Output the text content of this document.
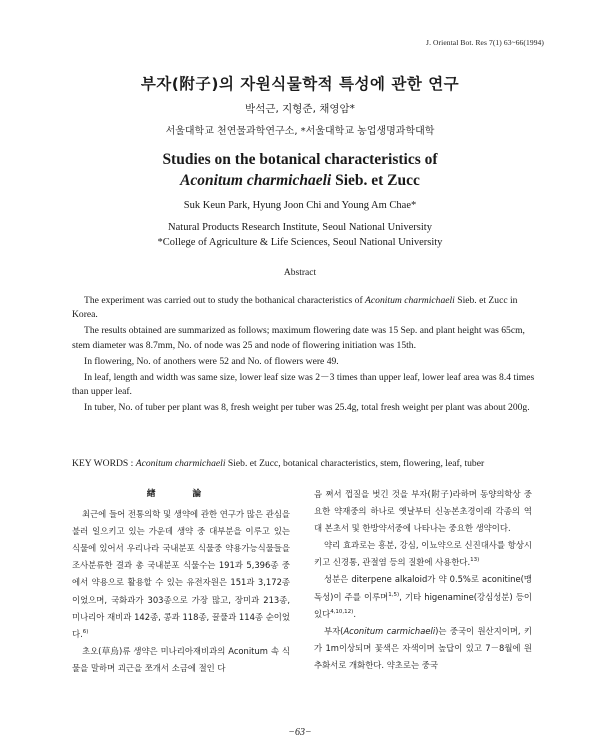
J. Oriental Bot. Res 7(1) 63~66(1994)
부자(附子)의 자원식물학적 특성에 관한 연구
박석근, 지형준, 채영암*
서울대학교 천연물과학연구소, *서울대학교 농업생명과학대학
Studies on the botanical characteristics of
Aconitum charmichaeli Sieb. et Zucc
Suk Keun Park, Hyung Joon Chi and Young Am Chae*
Natural Products Research Institute, Seoul National University
*College of Agriculture & Life Sciences, Seoul National University
Abstract

The experiment was carried out to study the bothanical characteristics of Aconitum charmichaeli Sieb. et Zucc in Korea.

The results obtained are summarized as follows; maximum flowering date was 15 Sep. and plant height was 65cm, stem diameter was 8.7mm, No. of node was 25 and node of flowering initiation was 15th.

In flowering, No. of anothers were 52 and No. of flowers were 49.

In leaf, length and width was same size, lower leaf size was 2－3 times than upper leaf, lower leaf area was 8.4 times than upper leaf.

In tuber, No. of tuber per plant was 8, fresh weight per tuber was 25.4g, total fresh weight per plant was about 200g.

KEY WORDS : Aconitum charmichaeli Sieb. et Zucc, botanical characteristics, stem, flowering, leaf, tuber
緖　論

최근에 들어 전통의학 및 생약에 관한 연구가 많은 관심을 불러 일으키고 있는 가운데 생약 중 대부분을 이루고 있는 식물에 있어서 우리나라 국내분포 식물중 약용가능식물들을 조사분류한 결과 총 국내분포 식물수는 191과 5,396종 중에서 약용으로 활용할 수 있는 유전자원은 151과 3,172종이었으며, 국화과가 303종으로 가장 많고, 장미과 213종, 미나리아 재비과 142종, 콩과 118종, 꿀풀과 114종 순이었다.$^{6)}$

초오(草烏)류 생약은 미나리아재비과의 Aconitum 속 식물을 말하며 괴근을 쪼개서 소금에 절인 다

음 쪄서 껍질을 벗긴 것을 부자(附子)라하며 동양의학상 중요한 약재중의 하나로 옛날부터 신농본초경이래 각종의 역대 본초서 및 한방약서중에 나타나는 중요한 생약이다.

약리 효과로는 흥분, 강심, 이뇨약으로 신진대사를 항상시키고 신경통, 관절염 등의 질환에 사용한다.$^{13)}$

성분은 diterpene alkaloid가 약 0.5%로 aconitine(맹독성)이 주를 이루며$^{1,5)}$, 기타 higenamine(강심성분) 등이 있다$^{4,10,12)}$.

부자(Aconitum carmichaeli)는 중국이 원산지이며, 키가 1m이상되며 꽃색은 자색이며 높답이 있고 7－8월에 원추화서로 개화한다. 약초로는 중국

−63−
